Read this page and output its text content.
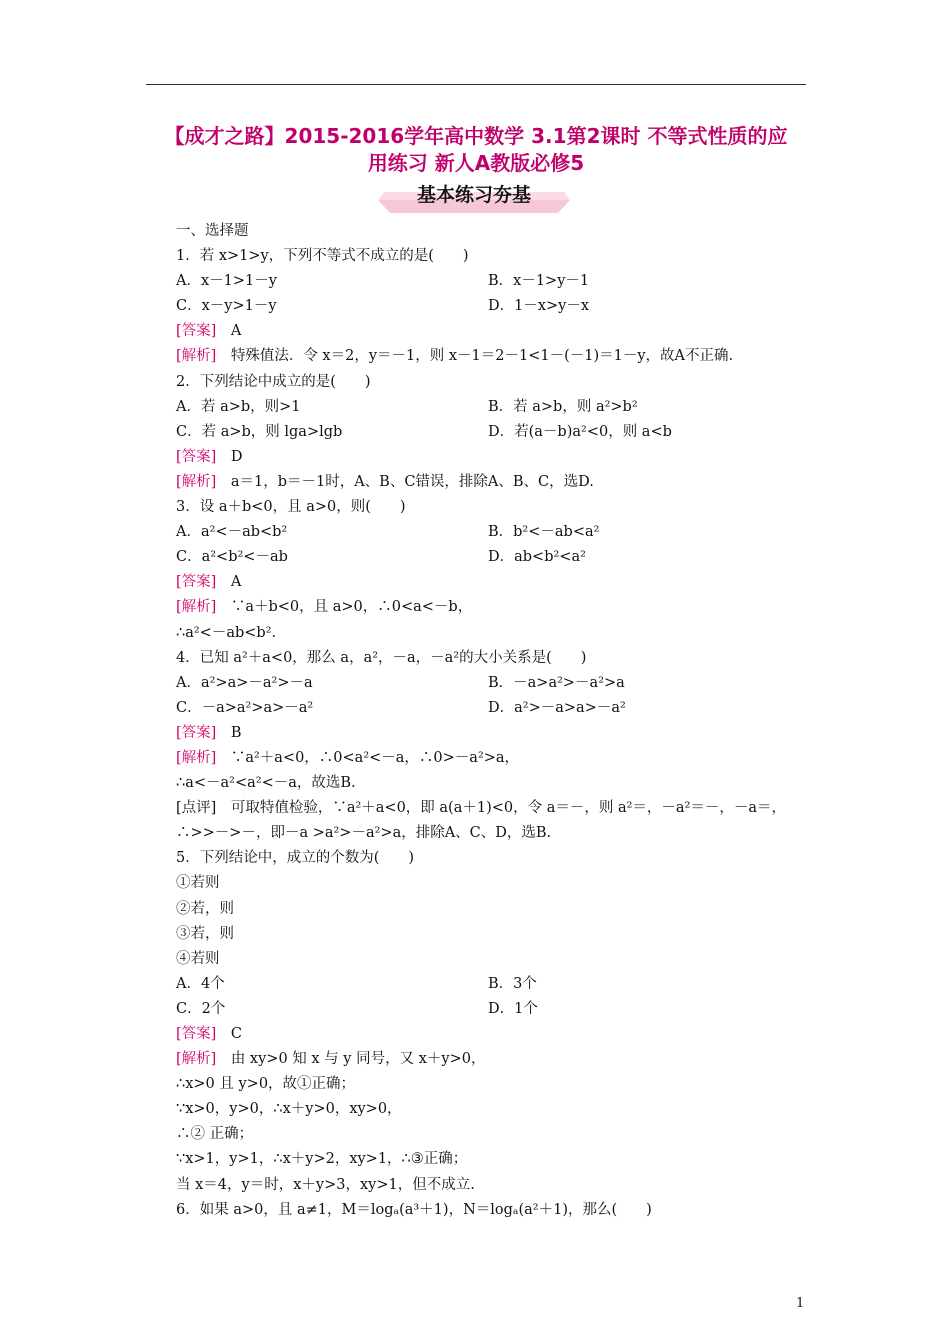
【成才之路】2015-2016学年高中数学 3.1第2课时 不等式性质的应
用练习 新人A教版必修5
基本练习夯基
一、选择题
1．若 x>1>y，下列不等式不成立的是(　　)
A．x－1>1－y	B．x－1>y－1
C．x－y>1－y	D．1－x>y－x
[答案]　A
[解析]　特殊值法．令 x＝2，y＝－1，则 x－1＝2－1<1－(－1)＝1－y，故A不正确.
2．下列结论中成立的是(　　)
A．若 a>b，则>1	B．若 a>b，则 a²>b²
C．若 a>b，则 lga>lgb	D．若(a－b)a²<0，则 a<b
[答案]　D
[解析]　a＝1，b＝－1时，A、B、C错误，排除A、B、C，选D.
3．设 a＋b<0，且 a>0，则(　　)
A．a²<－ab<b²	B．b²<－ab<a²
C．a²<b²<－ab	D．ab<b²<a²
[答案]　A
[解析]　∵a＋b<0，且 a>0，∴0<a<－b，
∴a²<－ab<b².
4．已知 a²＋a<0，那么 a，a²，－a，－a²的大小关系是(　　)
A．a²>a>－a²>－a	B．－a>a²>－a²>a
C．－a>a²>a>－a²	D．a²>－a>a>－a²
[答案]　B
[解析]　∵a²＋a<0，∴0<a²<－a，∴0>－a²>a，
∴a<－a²<a²<－a，故选B.
[点评]　可取特值检验，∵a²＋a<0，即 a(a＋1)<0，令 a＝－，则 a²＝，－a²＝－，－a＝，∴>>－>－，即－a >a²>－a²>a，排除A、C、D，选B.
5．下列结论中，成立的个数为(　　)
①若则
②若，则
③若，则
④若则
A．4个	B．3个
C．2个	D．1个
[答案]　C
[解析]　由 xy>0 知 x 与 y 同号，又 x＋y>0，
∴x>0 且 y>0，故①正确；
∵x>0，y>0，∴x＋y>0，xy>0，
∴② 正确；
∵x>1，y>1，∴x＋y>2，xy>1，∴③正确；
当 x＝4，y＝时，x＋y>3，xy>1，但不成立.
6．如果 a>0，且 a≠1，M＝logₐ(a³＋1)，N＝logₐ(a²＋1)，那么(　　)
1
